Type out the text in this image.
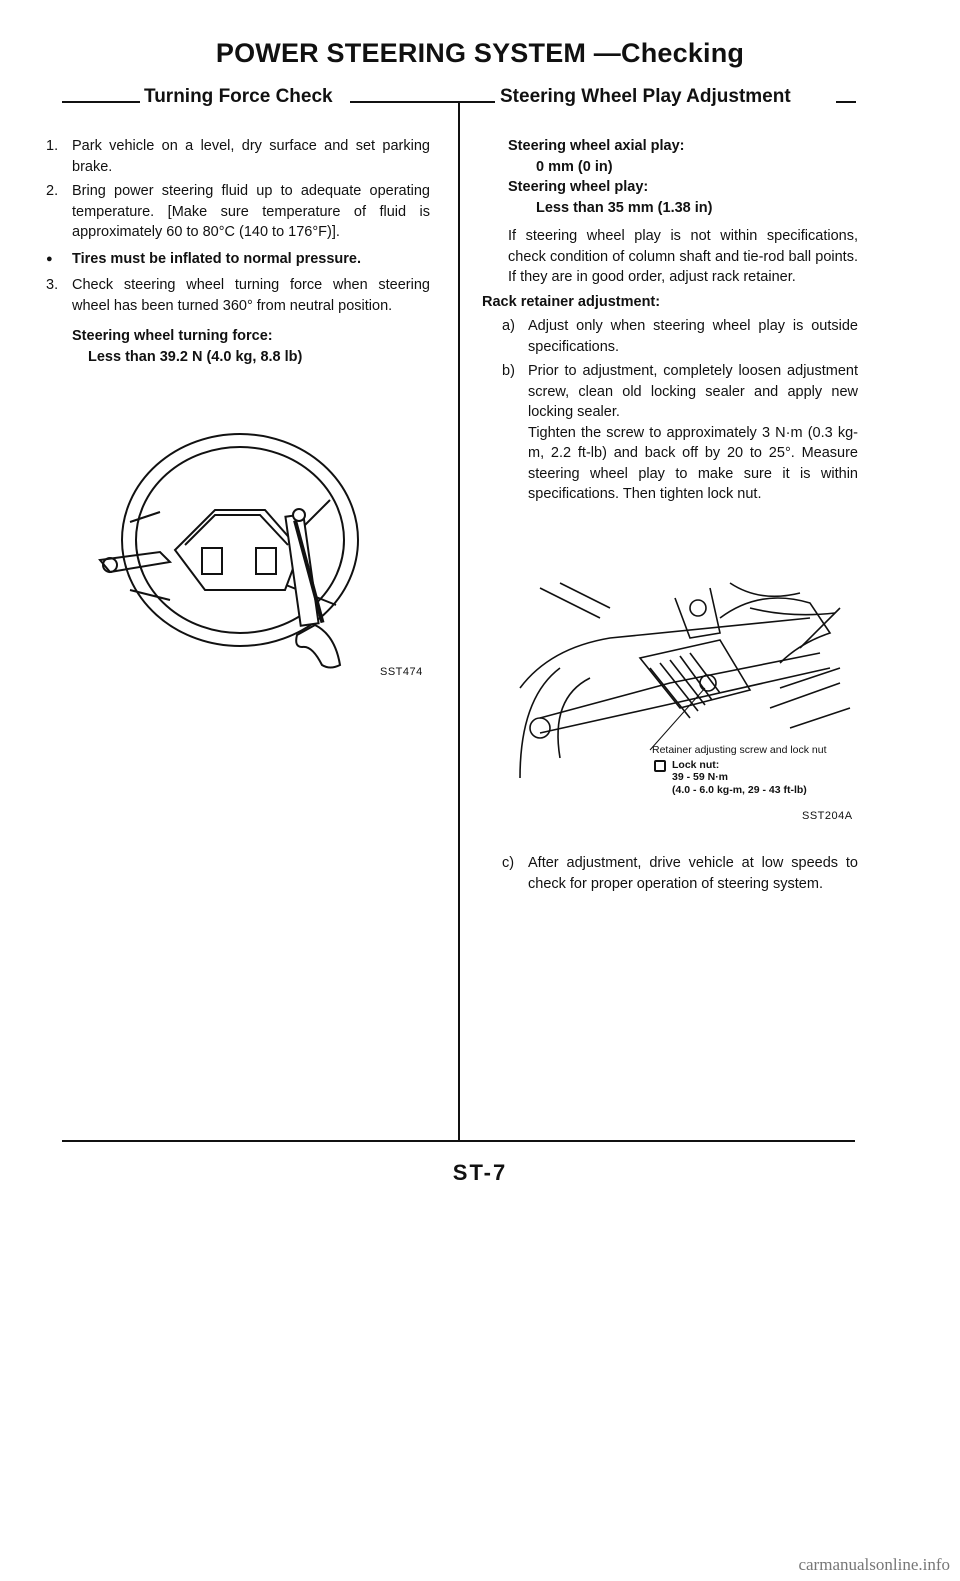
POWER STEERING SYSTEM —Checking
Turning Force Check	Steering Wheel Play Adjustment
1. Park vehicle on a level, dry surface and set parking brake.
2. Bring power steering fluid up to adequate operating temperature. [Make sure temperature of fluid is approximately 60 to 80°C (140 to 176°F)].
● Tires must be inflated to normal pressure.
3. Check steering wheel turning force when steering wheel has been turned 360° from neutral position.
Steering wheel turning force:
Less than 39.2 N (4.0 kg, 8.8 lb)
SST474
Steering wheel axial play:
0 mm (0 in)
Steering wheel play:
Less than 35 mm (1.38 in)
If steering wheel play is not within specifications, check condition of column shaft and tie-rod ball points. If they are in good order, adjust rack retainer.
Rack retainer adjustment:
a) Adjust only when steering wheel play is outside specifications.
b) Prior to adjustment, completely loosen adjustment screw, clean old locking sealer and apply new locking sealer.
Tighten the screw to approximately 3 N·m (0.3 kg-m, 2.2 ft-lb) and back off by 20 to 25°. Measure steering wheel play to make sure it is within specifications. Then tighten lock nut.
Retainer adjusting screw and lock nut
Lock nut:
39 - 59 N·m
(4.0 - 6.0 kg-m, 29 - 43 ft-lb)
SST204A
c) After adjustment, drive vehicle at low speeds to check for proper operation of steering system.
ST-7
carmanualsonline.info
